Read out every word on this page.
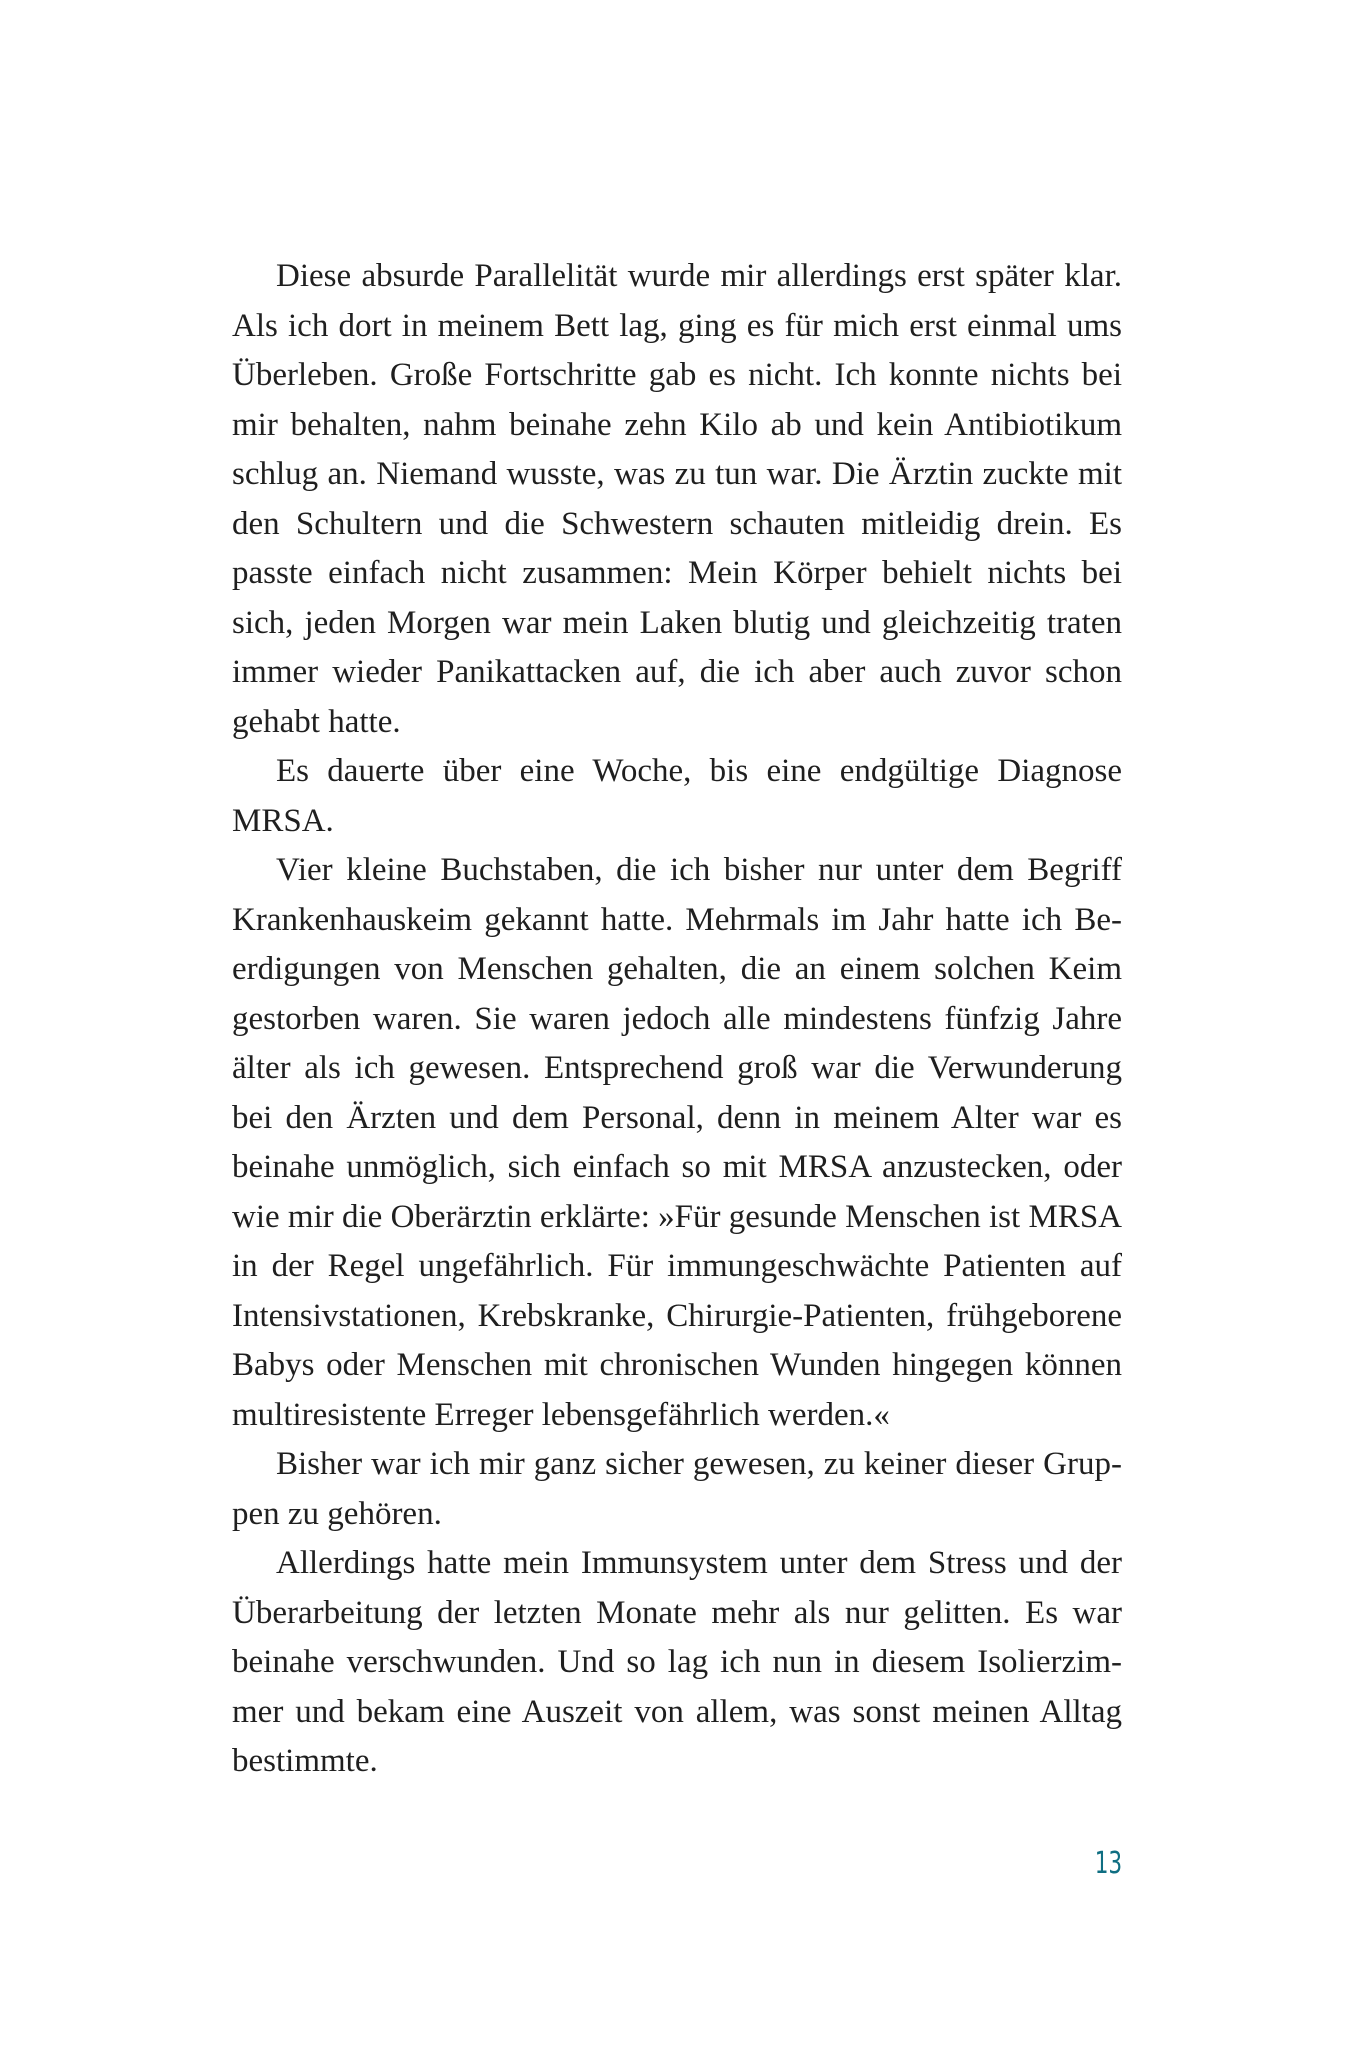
Diese absurde Parallelität wurde mir allerdings erst später klar.
Als ich dort in meinem Bett lag, ging es für mich erst einmal ums
Überleben. Große Fortschritte gab es nicht. Ich konnte nichts bei
mir behalten, nahm beinahe zehn Kilo ab und kein Antibiotikum
schlug an. Niemand wusste, was zu tun war. Die Ärztin zuckte mit
den Schultern und die Schwestern schauten mitleidig drein. Es
passte einfach nicht zusammen: Mein Körper behielt nichts bei
sich, jeden Morgen war mein Laken blutig und gleichzeitig traten
immer wieder Panikattacken auf, die ich aber auch zuvor schon
gehabt hatte.
Es dauerte über eine Woche, bis eine endgültige Diagnose
MRSA.
Vier kleine Buchstaben, die ich bisher nur unter dem Begriff
Krankenhauskeim gekannt hatte. Mehrmals im Jahr hatte ich Be-
erdigungen von Menschen gehalten, die an einem solchen Keim
gestorben waren. Sie waren jedoch alle mindestens fünfzig Jahre
älter als ich gewesen. Entsprechend groß war die Verwunderung
bei den Ärzten und dem Personal, denn in meinem Alter war es
beinahe unmöglich, sich einfach so mit MRSA anzustecken, oder
wie mir die Oberärztin erklärte: »Für gesunde Menschen ist MRSA
in der Regel ungefährlich. Für immungeschwächte Patienten auf
Intensivstationen, Krebskranke, Chirurgie-Patienten, frühgeborene
Babys oder Menschen mit chronischen Wunden hingegen können
multiresistente Erreger lebensgefährlich werden.«
Bisher war ich mir ganz sicher gewesen, zu keiner dieser Grup-
pen zu gehören.
Allerdings hatte mein Immunsystem unter dem Stress und der
Überarbeitung der letzten Monate mehr als nur gelitten. Es war
beinahe verschwunden. Und so lag ich nun in diesem Isolierzim-
mer und bekam eine Auszeit von allem, was sonst meinen Alltag
bestimmte.
13
